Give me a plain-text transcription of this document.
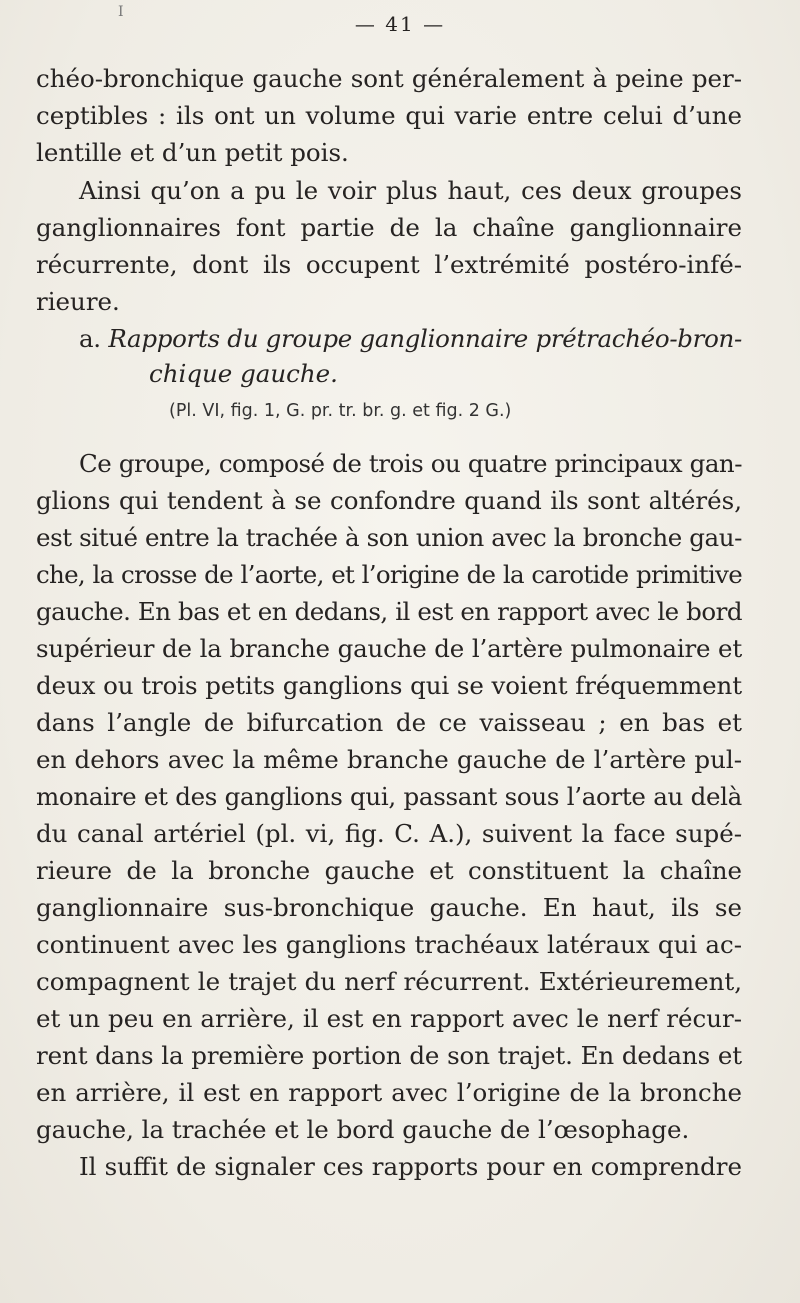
I	— 41 —
chéo-bronchique gauche sont généralement à peine per-
ceptibles : ils ont un volume qui varie entre celui d’une
lentille et d’un petit pois.
Ainsi qu’on a pu le voir plus haut, ces deux groupes
ganglionnaires font partie de la chaîne ganglionnaire
récurrente, dont ils occupent l’extrémité postéro-infé-
rieure.
a. Rapports du groupe ganglionnaire prétrachéo-bron-
chique gauche.
(Pl. VI, fig. 1, G. pr. tr. br. g. et fig. 2 G.)
Ce groupe, composé de trois ou quatre principaux gan-
glions qui tendent à se confondre quand ils sont altérés,
est situé entre la trachée à son union avec la bronche gau-
che, la crosse de l’aorte, et l’origine de la carotide primitive
gauche. En bas et en dedans, il est en rapport avec le bord
supérieur de la branche gauche de l’artère pulmonaire et
deux ou trois petits ganglions qui se voient fréquemment
dans l’angle de bifurcation de ce vaisseau ; en bas et
en dehors avec la même branche gauche de l’artère pul-
monaire et des ganglions qui, passant sous l’aorte au delà
du canal artériel (pl. vi, fig. C. A.), suivent la face supé-
rieure de la bronche gauche et constituent la chaîne
ganglionnaire sus-bronchique gauche. En haut, ils se
continuent avec les ganglions trachéaux latéraux qui ac-
compagnent le trajet du nerf récurrent. Extérieurement,
et un peu en arrière, il est en rapport avec le nerf récur-
rent dans la première portion de son trajet. En dedans et
en arrière, il est en rapport avec l’origine de la bronche
gauche, la trachée et le bord gauche de l’œsophage.
Il suffit de signaler ces rapports pour en comprendre
